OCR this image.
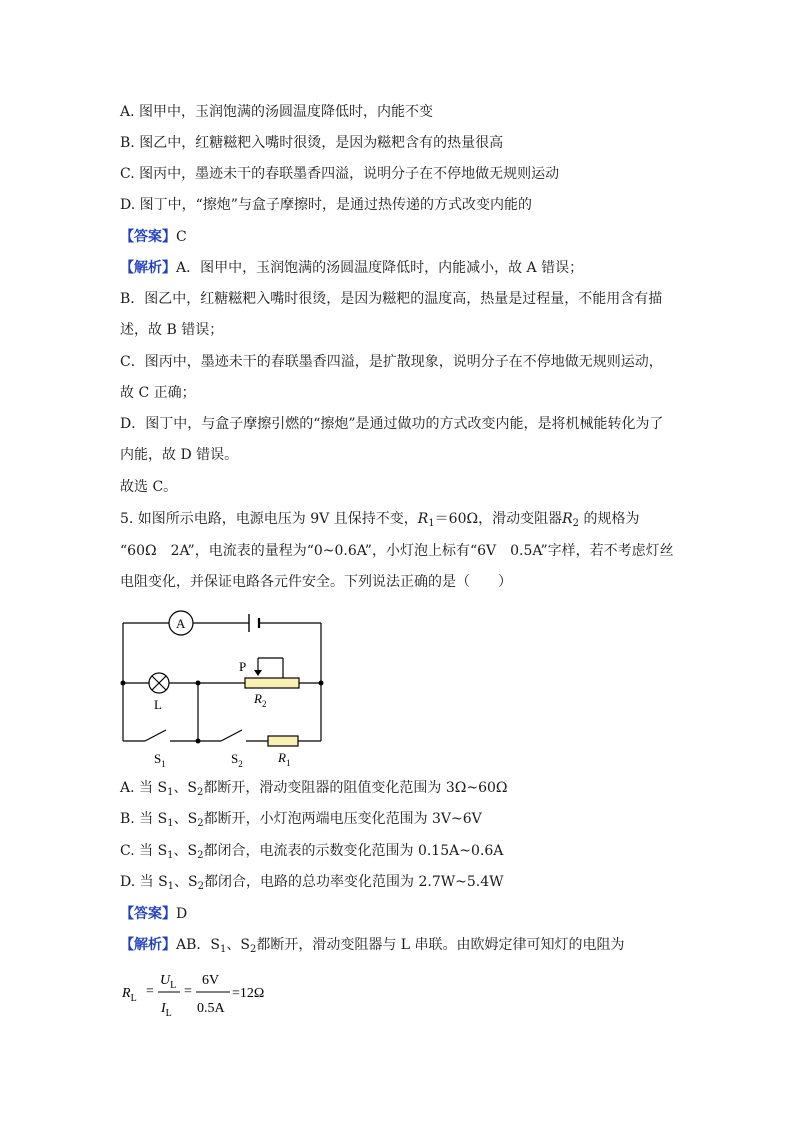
A. 图甲中，玉润饱满的汤圆温度降低时，内能不变
B. 图乙中，红糖糍粑入嘴时很烫，是因为糍粑含有的热量很高
C. 图丙中，墨迹未干的春联墨香四溢，说明分子在不停地做无规则运动
D. 图丁中，“擦炮”与盒子摩擦时，是通过热传递的方式改变内能的
【答案】C
【解析】A．图甲中，玉润饱满的汤圆温度降低时，内能减小，故 A 错误；
B．图乙中，红糖糍粑入嘴时很烫，是因为糍粑的温度高，热量是过程量，不能用含有描
述，故 B 错误；
C．图丙中，墨迹未干的春联墨香四溢，是扩散现象，说明分子在不停地做无规则运动，
故 C 正确；
D．图丁中，与盒子摩擦引燃的“擦炮”是通过做功的方式改变内能，是将机械能转化为了
内能，故 D 错误。
故选 C。
5. 如图所示电路，电源电压为 9V 且保持不变，$R_1=60\Omega$，滑动变阻器$R_2$ 的规格为
“60Ω　2A”，电流表的量程为“0~0.6A”，小灯泡上标有“6V　0.5A”字样，若不考虑灯丝
电阻变化，并保证电路各元件安全。下列说法正确的是（　　）
A
L
P
$R_2$
$S_1$	$S_2$	$R_1$
A. 当 $S_1$、$S_2$都断开，滑动变阻器的阻值变化范围为 3Ω~60Ω
B. 当 $S_1$、$S_2$都断开，小灯泡两端电压变化范围为 3V~6V
C. 当 $S_1$、$S_2$都闭合，电流表的示数变化范围为 0.15A~0.6A
D. 当 $S_1$、$S_2$都闭合，电路的总功率变化范围为 2.7W~5.4W
【答案】D
【解析】AB．$S_1$、$S_2$都断开，滑动变阻器与 L 串联。由欧姆定律可知灯的电阻为
$R_L$ =
$U_L$
$I_L$
=
6V
0.5A
=12Ω
